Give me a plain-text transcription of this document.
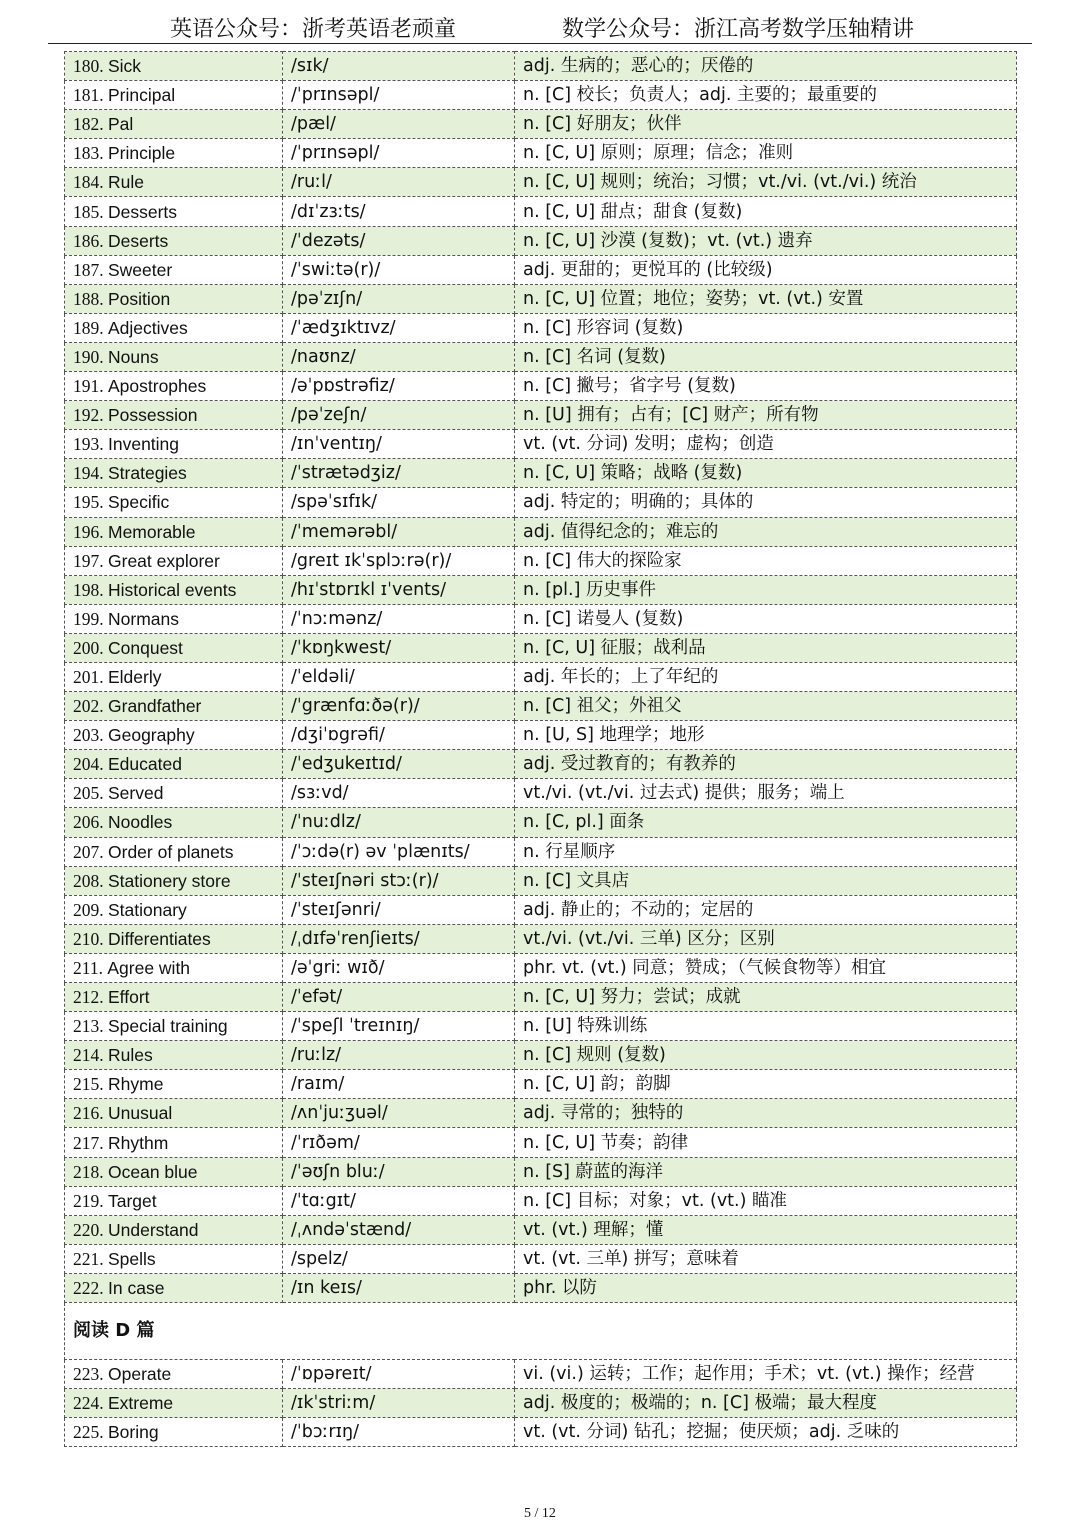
英语公众号：浙考英语老顽童	数学公众号：浙江高考数学压轴精讲
180. Sick	/sɪk/	adj. 生病的；恶心的；厌倦的
181. Principal	/ˈprɪnsəpl/	n. [C] 校长；负责人；adj. 主要的；最重要的
182. Pal	/pæl/	n. [C] 好朋友；伙伴
183. Principle	/ˈprɪnsəpl/	n. [C, U] 原则；原理；信念；准则
184. Rule	/ruːl/	n. [C, U] 规则；统治；习惯；vt./vi. (vt./vi.) 统治
185. Desserts	/dɪˈzɜːts/	n. [C, U] 甜点；甜食 (复数)
186. Deserts	/ˈdezəts/	n. [C, U] 沙漠 (复数)；vt. (vt.) 遗弃
187. Sweeter	/ˈswiːtə(r)/	adj. 更甜的；更悦耳的 (比较级)
188. Position	/pəˈzɪʃn/	n. [C, U] 位置；地位；姿势；vt. (vt.) 安置
189. Adjectives	/ˈædʒɪktɪvz/	n. [C] 形容词 (复数)
190. Nouns	/naʊnz/	n. [C] 名词 (复数)
191. Apostrophes	/əˈpɒstrəfiz/	n. [C] 撇号；省字号 (复数)
192. Possession	/pəˈzeʃn/	n. [U] 拥有；占有；[C] 财产；所有物
193. Inventing	/ɪnˈventɪŋ/	vt. (vt. 分词) 发明；虚构；创造
194. Strategies	/ˈstrætədʒiz/	n. [C, U] 策略；战略 (复数)
195. Specific	/spəˈsɪfɪk/	adj. 特定的；明确的；具体的
196. Memorable	/ˈmemərəbl/	adj. 值得纪念的；难忘的
197. Great explorer	/greɪt ɪkˈsplɔːrə(r)/	n. [C] 伟大的探险家
198. Historical events	/hɪˈstɒrɪkl ɪˈvents/	n. [pl.] 历史事件
199. Normans	/ˈnɔːmənz/	n. [C] 诺曼人 (复数)
200. Conquest	/ˈkɒŋkwest/	n. [C, U] 征服；战利品
201. Elderly	/ˈeldəli/	adj. 年长的；上了年纪的
202. Grandfather	/ˈgrænfɑːðə(r)/	n. [C] 祖父；外祖父
203. Geography	/dʒiˈɒgrəfi/	n. [U, S] 地理学；地形
204. Educated	/ˈedʒukeɪtɪd/	adj. 受过教育的；有教养的
205. Served	/sɜːvd/	vt./vi. (vt./vi. 过去式) 提供；服务；端上
206. Noodles	/ˈnuːdlz/	n. [C, pl.] 面条
207. Order of planets	/ˈɔːdə(r) əv ˈplænɪts/	n. 行星顺序
208. Stationery store	/ˈsteɪʃnəri stɔː(r)/	n. [C] 文具店
209. Stationary	/ˈsteɪʃənri/	adj. 静止的；不动的；定居的
210. Differentiates	/ˌdɪfəˈrenʃieɪts/	vt./vi. (vt./vi. 三单) 区分；区别
211. Agree with	/əˈgriː wɪð/	phr. vt. (vt.) 同意；赞成；（气候食物等）相宜
212. Effort	/ˈefət/	n. [C, U] 努力；尝试；成就
213. Special training	/ˈspeʃl ˈtreɪnɪŋ/	n. [U] 特殊训练
214. Rules	/ruːlz/	n. [C] 规则 (复数)
215. Rhyme	/raɪm/	n. [C, U] 韵；韵脚
216. Unusual	/ʌnˈjuːʒuəl/	adj. 寻常的；独特的
217. Rhythm	/ˈrɪðəm/	n. [C, U] 节奏；韵律
218. Ocean blue	/ˈəʊʃn bluː/	n. [S] 蔚蓝的海洋
219. Target	/ˈtɑːgɪt/	n. [C] 目标；对象；vt. (vt.) 瞄准
220. Understand	/ˌʌndəˈstænd/	vt. (vt.) 理解；懂
221. Spells	/spelz/	vt. (vt. 三单) 拼写；意味着
222. In case	/ɪn keɪs/	phr. 以防
阅读 D 篇		
223. Operate	/ˈɒpəreɪt/	vi. (vi.) 运转；工作；起作用；手术；vt. (vt.) 操作；经营
224. Extreme	/ɪkˈstriːm/	adj. 极度的；极端的；n. [C] 极端；最大程度
225. Boring	/ˈbɔːrɪŋ/	vt. (vt. 分词) 钻孔；挖掘；使厌烦；adj. 乏味的
5 / 12
